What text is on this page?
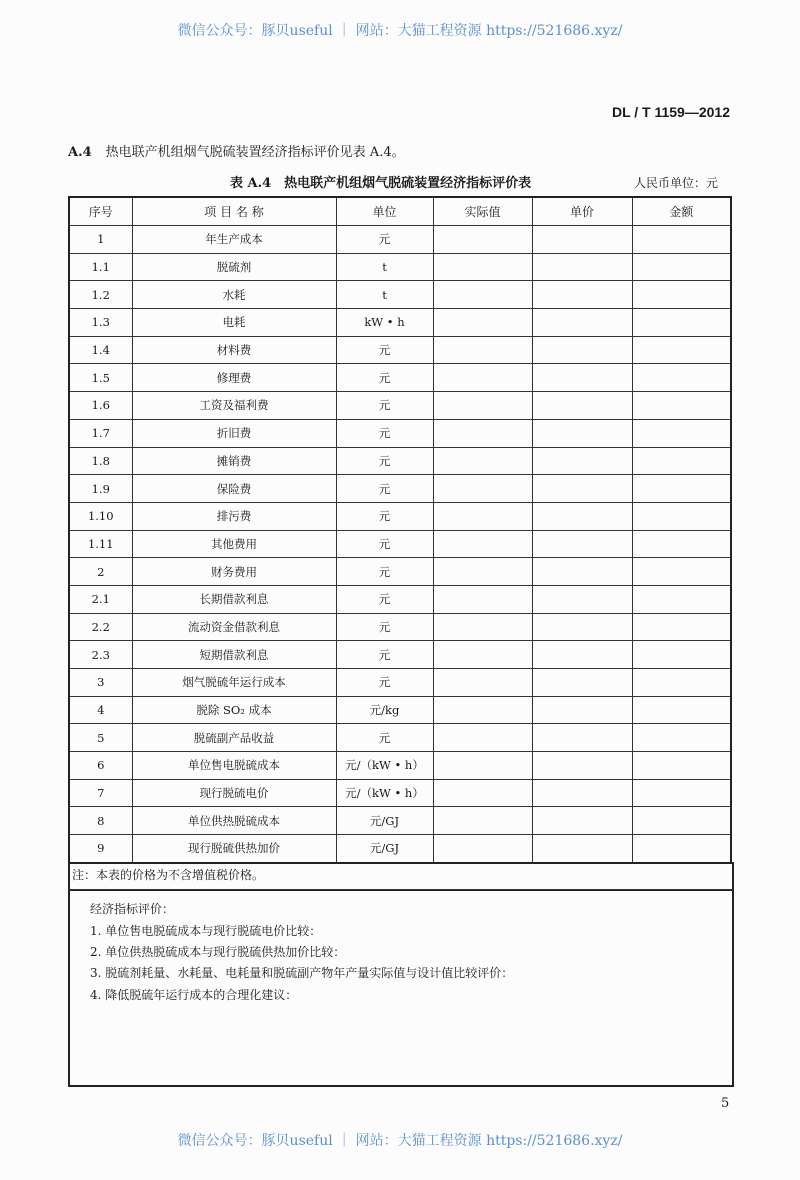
微信公众号：豚贝useful ｜ 网站：大猫工程资源 https://521686.xyz/
DL / T 1159—2012
A.4 热电联产机组烟气脱硫装置经济指标评价见表 A.4。
表 A.4　热电联产机组烟气脱硫装置经济指标评价表	人民币单位：元
序号	项 目 名 称	单位	实际值	单价	金额
1	年生产成本	元			
1.1	脱硫剂	t			
1.2	水耗	t			
1.3	电耗	kW • h			
1.4	材料费	元			
1.5	修理费	元			
1.6	工资及福利费	元			
1.7	折旧费	元			
1.8	摊销费	元			
1.9	保险费	元			
1.10	排污费	元			
1.11	其他费用	元			
2	财务费用	元			
2.1	长期借款利息	元			
2.2	流动资金借款利息	元			
2.3	短期借款利息	元			
3	烟气脱硫年运行成本	元			
4	脱除 SO₂ 成本	元/kg			
5	脱硫副产品收益	元			
6	单位售电脱硫成本	元/（kW • h）			
7	现行脱硫电价	元/（kW • h）			
8	单位供热脱硫成本	元/GJ			
9	现行脱硫供热加价	元/GJ			
注：本表的价格为不含增值税价格。
经济指标评价：
1. 单位售电脱硫成本与现行脱硫电价比较：
2. 单位供热脱硫成本与现行脱硫供热加价比较：
3. 脱硫剂耗量、水耗量、电耗量和脱硫副产物年产量实际值与设计值比较评价：
4. 降低脱硫年运行成本的合理化建议：
5
微信公众号：豚贝useful ｜ 网站：大猫工程资源 https://521686.xyz/
